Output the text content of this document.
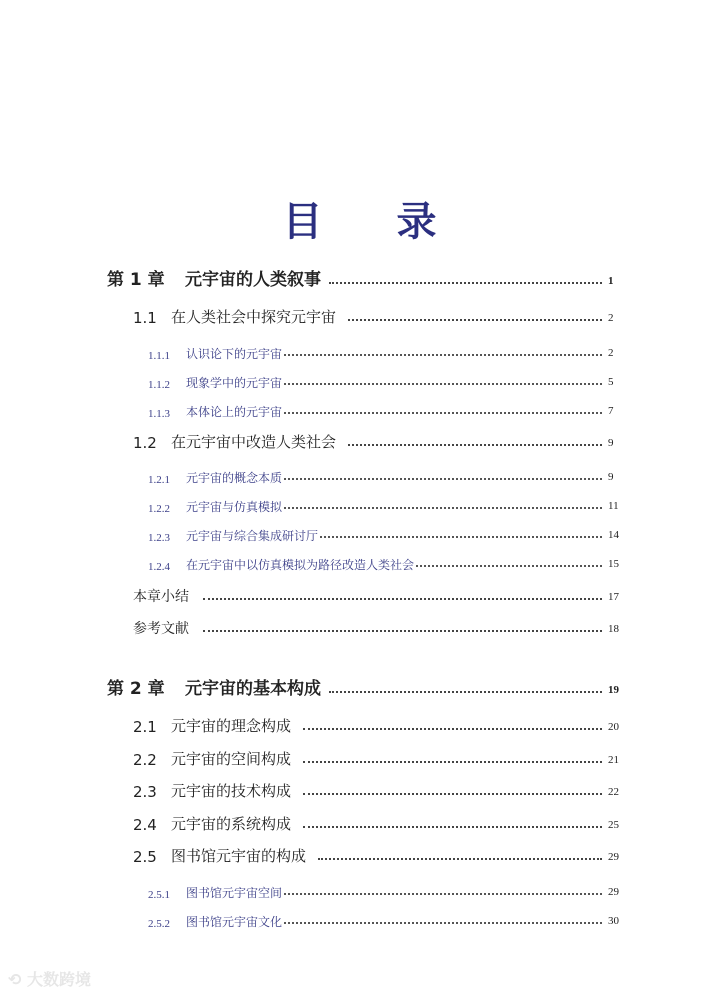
目 录
第 1 章	元宇宙的人类叙事	1
1.1 在人类社会中探究元宇宙	2
1.1.1	认识论下的元宇宙	2
1.1.2	现象学中的元宇宙	5
1.1.3	本体论上的元宇宙	7
1.2 在元宇宙中改造人类社会	9
1.2.1	元宇宙的概念本质	9
1.2.2	元宇宙与仿真模拟	11
1.2.3	元宇宙与综合集成研讨厅	14
1.2.4	在元宇宙中以仿真模拟为路径改造人类社会	15
本章小结	17
参考文献	18
第 2 章	元宇宙的基本构成	19
2.1 元宇宙的理念构成	20
2.2 元宇宙的空间构成	21
2.3 元宇宙的技术构成	22
2.4 元宇宙的系统构成	25
2.5 图书馆元宇宙的构成	29
2.5.1	图书馆元宇宙空间	29
2.5.2	图书馆元宇宙文化	30
⟲ 大数跨境
